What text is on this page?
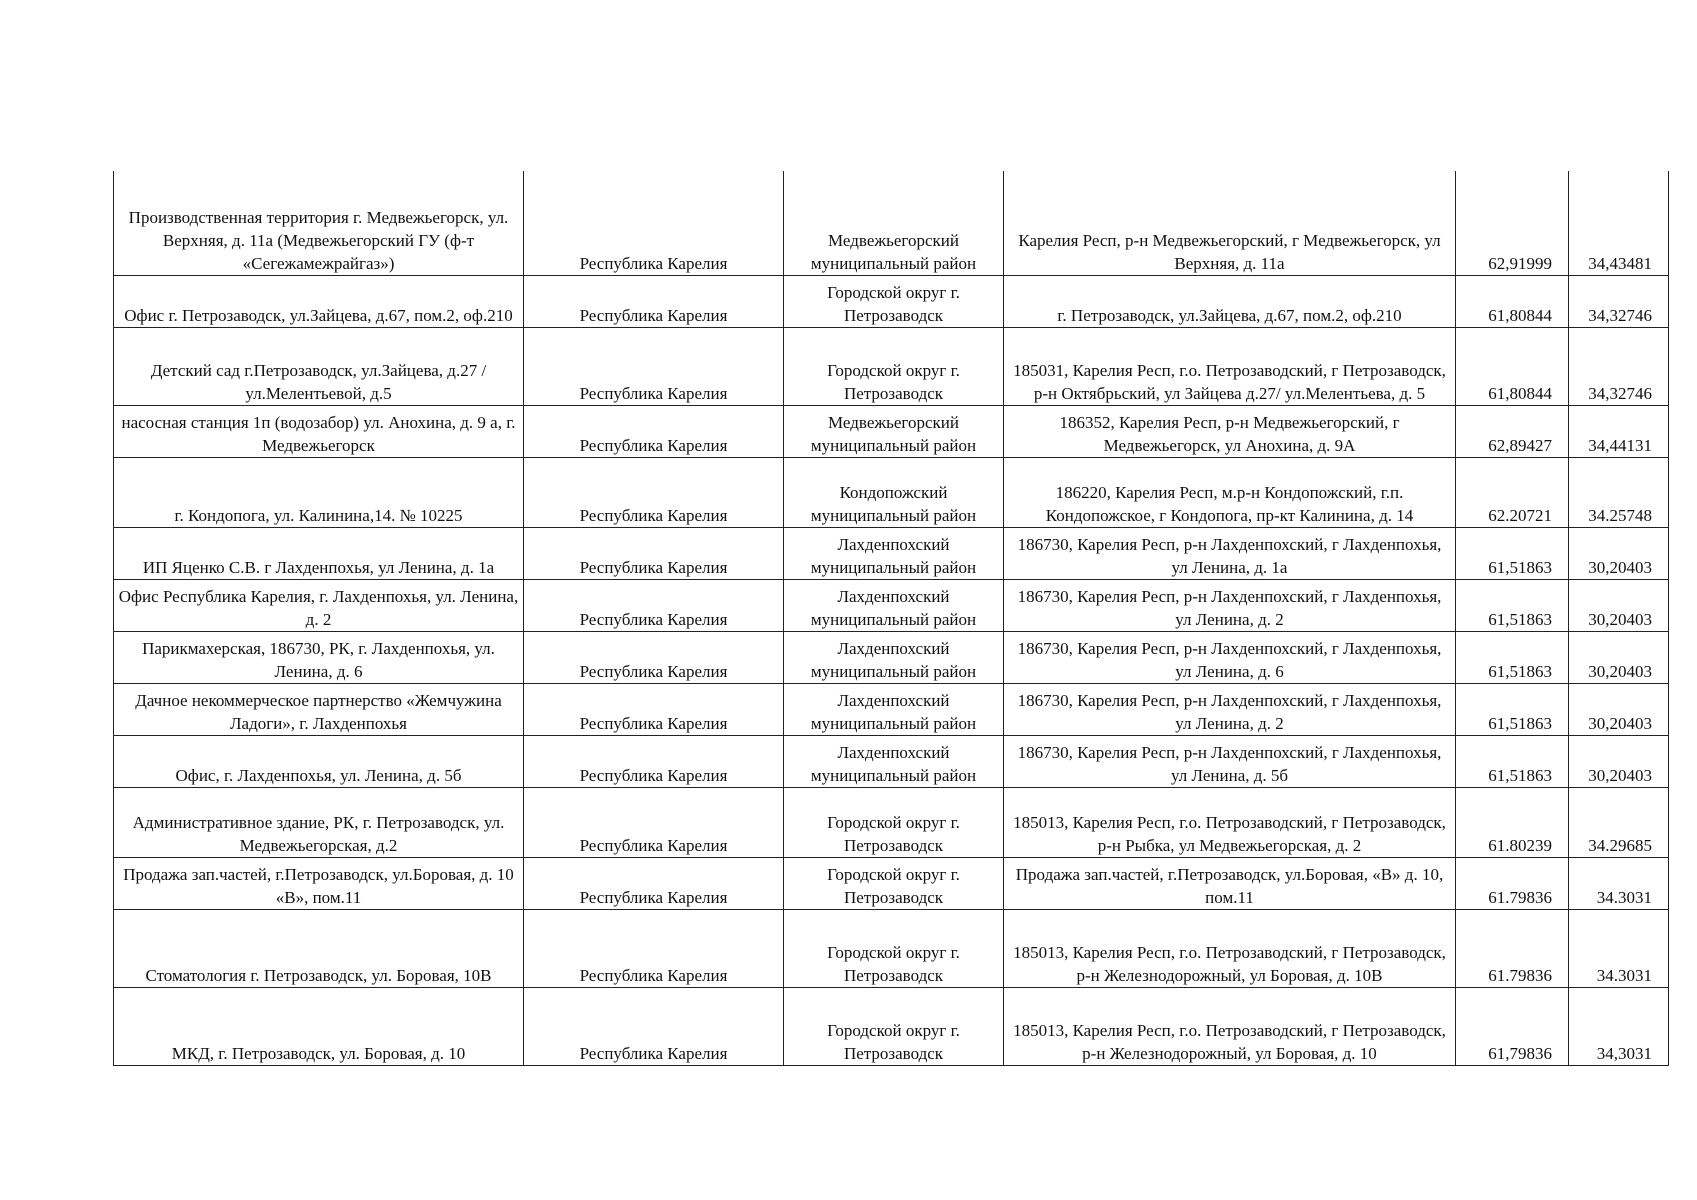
Производственная территория г. Медвежьегорск, ул. Верхняя, д. 11а (Медвежьегорский ГУ (ф-т «Сегежамежрайгаз»)	Республика Карелия	Медвежьегорский муниципальный район	Карелия Респ, р-н Медвежьегорский, г Медвежьегорск, ул Верхняя, д. 11а	62,91999	34,43481
Офис г. Петрозаводск, ул.Зайцева, д.67, пом.2, оф.210	Республика Карелия	Городской округ г. Петрозаводск	г. Петрозаводск, ул.Зайцева, д.67, пом.2, оф.210	61,80844	34,32746
Детский сад г.Петрозаводск, ул.Зайцева, д.27 / ул.Мелентьевой, д.5	Республика Карелия	Городской округ г. Петрозаводск	185031, Карелия Респ, г.о. Петрозаводский, г Петрозаводск, р-н Октябрьский, ул Зайцева д.27/ ул.Мелентьева, д. 5	61,80844	34,32746
насосная станция 1п (водозабор) ул. Анохина, д. 9 а, г. Медвежьегорск	Республика Карелия	Медвежьегорский муниципальный район	186352, Карелия Респ, р-н Медвежьегорский, г Медвежьегорск, ул Анохина, д. 9А	62,89427	34,44131
г. Кондопога, ул. Калинина,14. № 10225	Республика Карелия	Кондопожский муниципальный район	186220, Карелия Респ, м.р-н Кондопожский, г.п. Кондопожское, г Кондопога, пр-кт Калинина, д. 14	62.20721	34.25748
ИП Яценко С.В. г Лахденпохья, ул Ленина, д. 1а	Республика Карелия	Лахденпохский муниципальный район	186730, Карелия Респ, р-н Лахденпохский, г Лахденпохья, ул Ленина, д. 1а	61,51863	30,20403
Офис Республика Карелия, г. Лахденпохья, ул. Ленина, д. 2	Республика Карелия	Лахденпохский муниципальный район	186730, Карелия Респ, р-н Лахденпохский, г Лахденпохья, ул Ленина, д. 2	61,51863	30,20403
Парикмахерская, 186730, РК, г. Лахденпохья, ул. Ленина, д. 6	Республика Карелия	Лахденпохский муниципальный район	186730, Карелия Респ, р-н Лахденпохский, г Лахденпохья, ул Ленина, д. 6	61,51863	30,20403
Дачное некоммерческое партнерство «Жемчужина Ладоги», г. Лахденпохья	Республика Карелия	Лахденпохский муниципальный район	186730, Карелия Респ, р-н Лахденпохский, г Лахденпохья, ул Ленина, д. 2	61,51863	30,20403
Офис, г. Лахденпохья, ул. Ленина, д. 5б	Республика Карелия	Лахденпохский муниципальный район	186730, Карелия Респ, р-н Лахденпохский, г Лахденпохья, ул Ленина, д. 5б	61,51863	30,20403
Административное здание, РК, г. Петрозаводск, ул. Медвежьегорская, д.2	Республика Карелия	Городской округ г. Петрозаводск	185013, Карелия Респ, г.о. Петрозаводский, г Петрозаводск, р-н Рыбка, ул Медвежьегорская, д. 2	61.80239	34.29685
Продажа зап.частей, г.Петрозаводск, ул.Боровая, д. 10 «В», пом.11	Республика Карелия	Городской округ г. Петрозаводск	Продажа зап.частей, г.Петрозаводск, ул.Боровая, «В» д. 10, пом.11	61.79836	34.3031
Стоматология г. Петрозаводск, ул. Боровая, 10В	Республика Карелия	Городской округ г. Петрозаводск	185013, Карелия Респ, г.о. Петрозаводский, г Петрозаводск, р-н Железнодорожный, ул Боровая, д. 10В	61.79836	34.3031
МКД, г. Петрозаводск, ул. Боровая, д. 10	Республика Карелия	Городской округ г. Петрозаводск	185013, Карелия Респ, г.о. Петрозаводский, г Петрозаводск, р-н Железнодорожный, ул Боровая, д. 10	61,79836	34,3031
